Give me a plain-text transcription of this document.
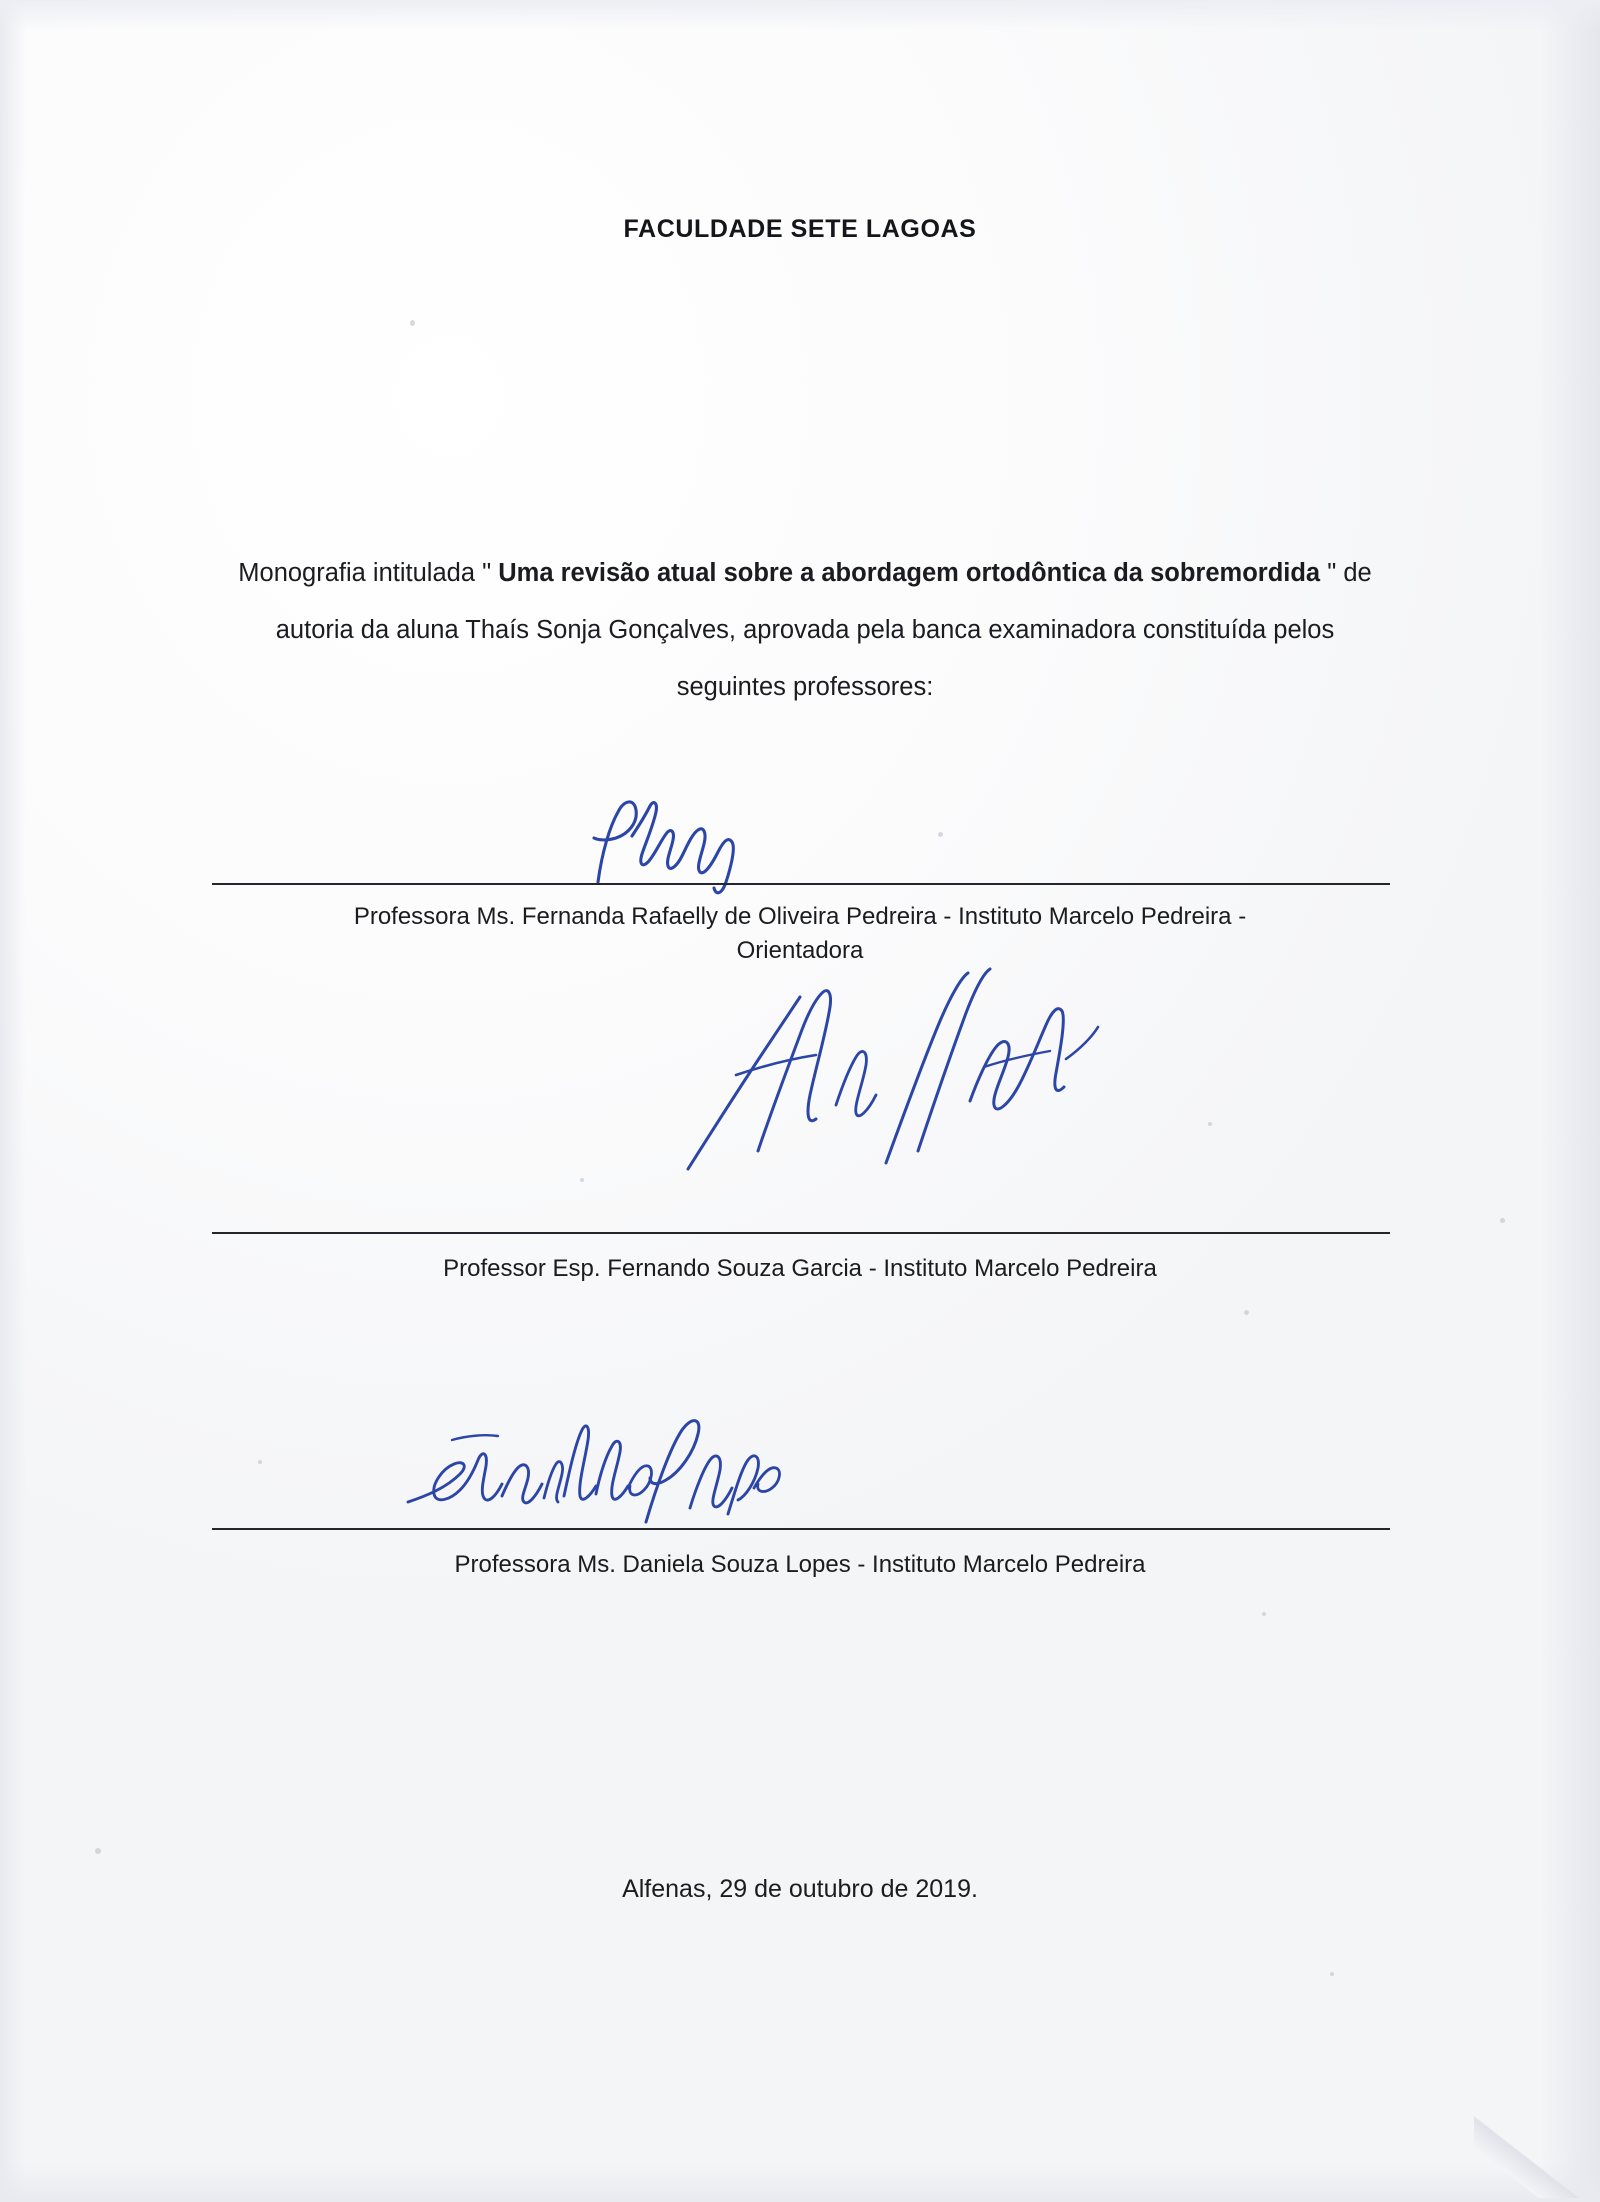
FACULDADE SETE LAGOAS
Monografia intitulada " Uma revisão atual sobre a abordagem ortodôntica da sobremordida " de autoria da aluna Thaís Sonja Gonçalves, aprovada pela banca examinadora constituída pelos seguintes professores:
Professora Ms. Fernanda Rafaelly de Oliveira Pedreira - Instituto Marcelo Pedreira - Orientadora
Professor Esp. Fernando Souza Garcia - Instituto Marcelo Pedreira
Professora Ms. Daniela Souza Lopes - Instituto Marcelo Pedreira
Alfenas, 29 de outubro de 2019.
